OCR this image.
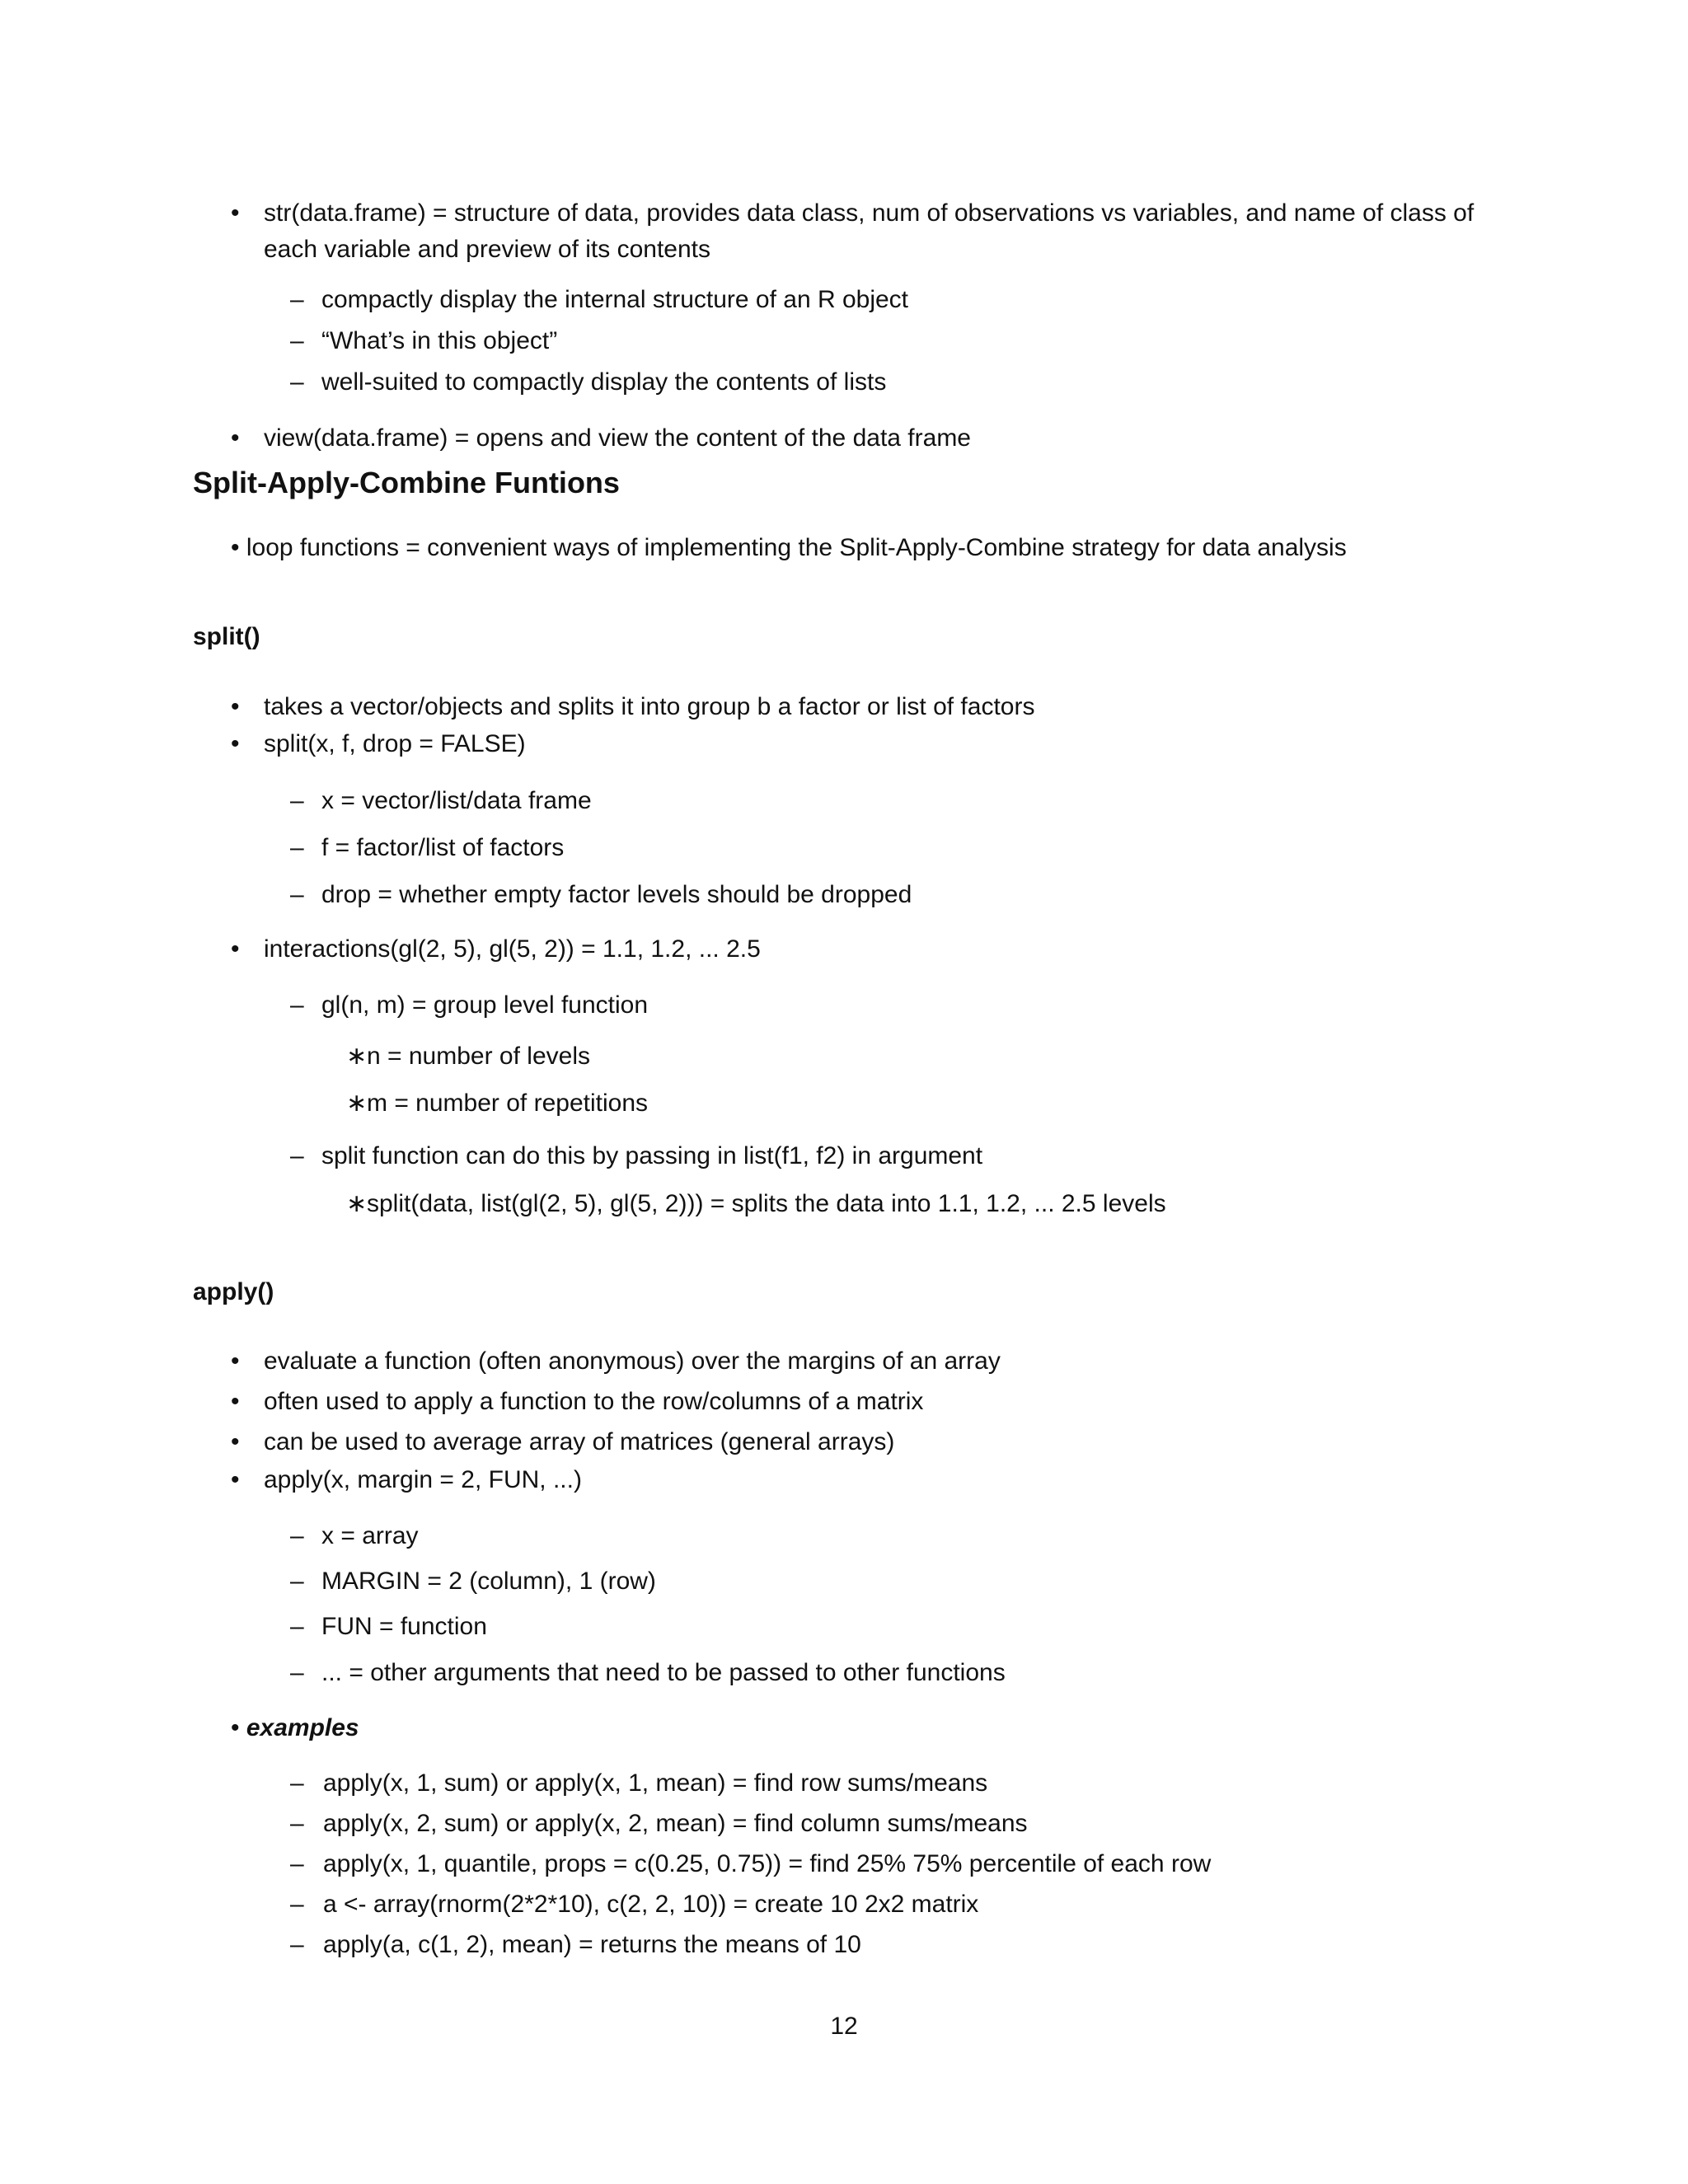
• str(data.frame) = structure of data, provides data class, num of observations vs variables, and name of class of
each variable and preview of its contents
– compactly display the internal structure of an R object
– “What’s in this object”
– well-suited to compactly display the contents of lists
• view(data.frame) = opens and view the content of the data frame
Split-Apply-Combine Funtions
• loop functions = convenient ways of implementing the Split-Apply-Combine strategy for data analysis
split()
• takes a vector/objects and splits it into group b a factor or list of factors
• split(x, f, drop = FALSE)
– x = vector/list/data frame
– f = factor/list of factors
– drop = whether empty factor levels should be dropped
• interactions(gl(2, 5), gl(5, 2)) = 1.1, 1.2, ... 2.5
– gl(n, m) = group level function
∗ n = number of levels
∗ m = number of repetitions
– split function can do this by passing in list(f1, f2) in argument
∗ split(data, list(gl(2, 5), gl(5, 2))) = splits the data into 1.1, 1.2, ... 2.5 levels
apply()
• evaluate a function (often anonymous) over the margins of an array
• often used to apply a function to the row/columns of a matrix
• can be used to average array of matrices (general arrays)
• apply(x, margin = 2, FUN, ...)
– x = array
– MARGIN = 2 (column), 1 (row)
– FUN = function
– ... = other arguments that need to be passed to other functions
• examples
– apply(x, 1, sum) or apply(x, 1, mean) = find row sums/means
– apply(x, 2, sum) or apply(x, 2, mean) = find column sums/means
– apply(x, 1, quantile, props = c(0.25, 0.75)) = find 25% 75% percentile of each row
– a <- array(rnorm(2*2*10), c(2, 2, 10)) = create 10 2x2 matrix
– apply(a, c(1, 2), mean) = returns the means of 10
12
